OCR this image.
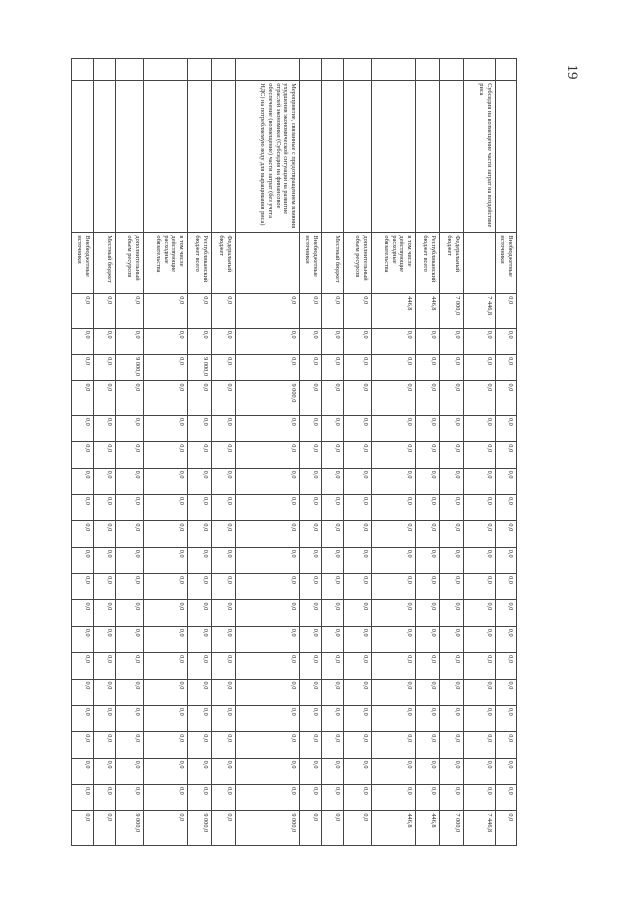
19
		Внебюджетные источники	0,0	0,0	0,0	0,0	0,0	0,0	0,0	0,0	0,0	0,0	0,0	0,0	0,0	0,0	0,0	0,0	0,0	0,0	0,0	0,0
	Субсидия на возмещение части затрат на воздействие риса		7 446,8	0,0	0,0	0,0	0,0	0,0	0,0	0,0	0,0	0,0	0,0	0,0	0,0	0,0	0,0	0,0	0,0	0,0	0,0	7 446,8
		Федеральный бюджет	7 000,0	0,0	0,0	0,0	0,0	0,0	0,0	0,0	0,0	0,0	0,0	0,0	0,0	0,0	0,0	0,0	0,0	0,0	0,0	7 000,0
		Республиканский бюджет всего	446,8	0,0	0,0	0,0	0,0	0,0	0,0	0,0	0,0	0,0	0,0	0,0	0,0	0,0	0,0	0,0	0,0	0,0	0,0	446,8
		в том числе действующие расходные обязательства	446,8	0,0	0,0	0,0	0,0	0,0	0,0	0,0	0,0	0,0	0,0	0,0	0,0	0,0	0,0	0,0	0,0	0,0	0,0	446,8
		дополнительный объем ресурсов	0,0	0,0	0,0	0,0	0,0	0,0	0,0	0,0	0,0	0,0	0,0	0,0	0,0	0,0	0,0	0,0	0,0	0,0	0,0	0,0
		Местный бюджет	0,0	0,0	0,0	0,0	0,0	0,0	0,0	0,0	0,0	0,0	0,0	0,0	0,0	0,0	0,0	0,0	0,0	0,0	0,0	0,0
		Внебюджетные источники	0,0	0,0	0,0	0,0	0,0	0,0	0,0	0,0	0,0	0,0	0,0	0,0	0,0	0,0	0,0	0,0	0,0	0,0	0,0	0,0
	Мероприятие, связанные с предотвращением влияния ухудшения экономической ситуации на развитие отраслей экономики (Субсидия на финансовое обеспечение (возмещение) части затрат (без учета НДС) на потребляемую воду для выращивания риса)		0,0	0,0	0,0	9 000,0	0,0	0,0	0,0	0,0	0,0	0,0	0,0	0,0	0,0	0,0	0,0	0,0	0,0	0,0	0,0	9 000,0
		Федеральный бюджет	0,0	0,0	0,0	0,0	0,0	0,0	0,0	0,0	0,0	0,0	0,0	0,0	0,0	0,0	0,0	0,0	0,0	0,0	0,0	0,0
		Республиканский бюджет всего	0,0	0,0	9 000,0	0,0	0,0	0,0	0,0	0,0	0,0	0,0	0,0	0,0	0,0	0,0	0,0	0,0	0,0	0,0	0,0	9 000,0
		в том числе действующие расходные обязательства	0,0	0,0	0,0	0,0	0,0	0,0	0,0	0,0	0,0	0,0	0,0	0,0	0,0	0,0	0,0	0,0	0,0	0,0	0,0	0,0
		дополнительный объем ресурсов	0,0	0,0	9 000,0	0,0	0,0	0,0	0,0	0,0	0,0	0,0	0,0	0,0	0,0	0,0	0,0	0,0	0,0	0,0	0,0	9 000,0
		Местный бюджет	0,0	0,0	0,0	0,0	0,0	0,0	0,0	0,0	0,0	0,0	0,0	0,0	0,0	0,0	0,0	0,0	0,0	0,0	0,0	0,0
		Внебюджетные источники	0,0	0,0	0,0	0,0	0,0	0,0	0,0	0,0	0,0	0,0	0,0	0,0	0,0	0,0	0,0	0,0	0,0	0,0	0,0	0,0
